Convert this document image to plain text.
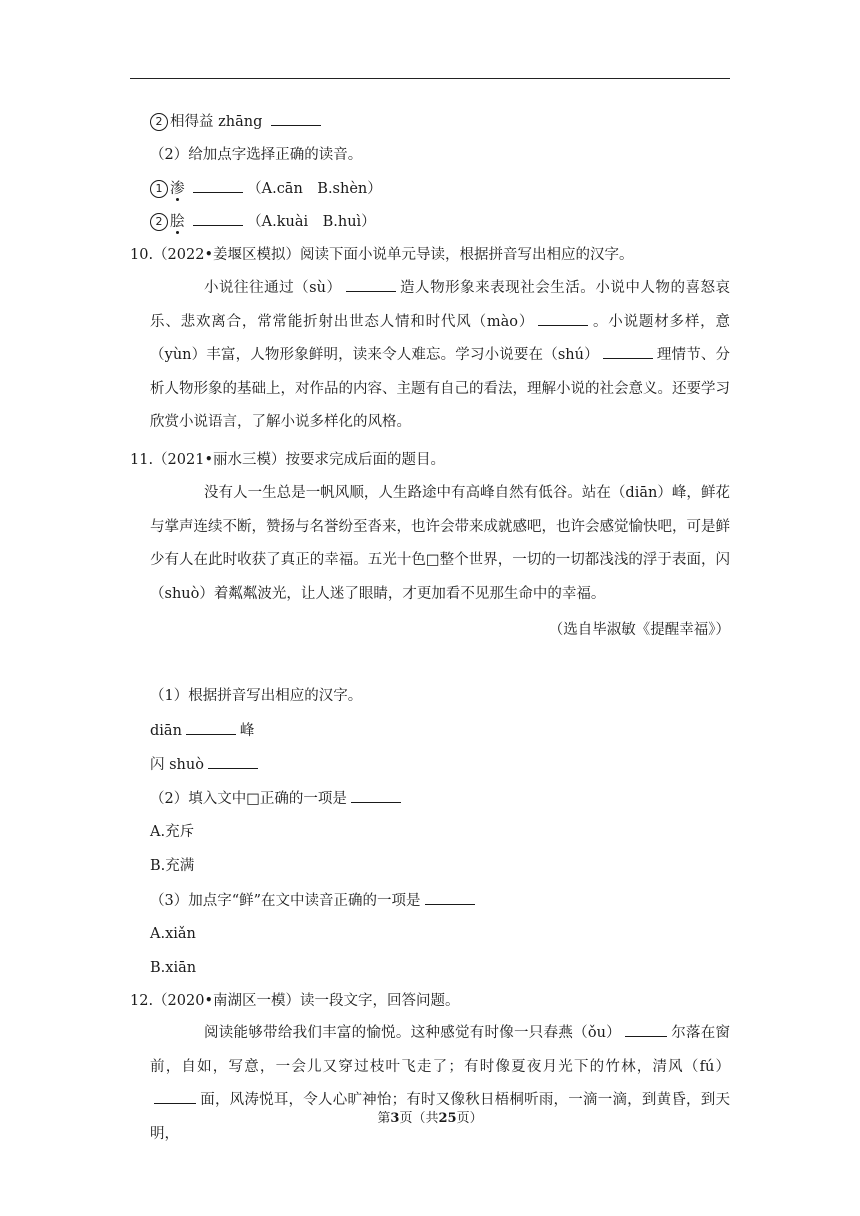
2 相得益 zhāng
（2）给加点字选择正确的读音。
1 渗	（A.cān　B.shèn）
2 脍	（A.kuài　B.huì）
10.（2022•姜堰区模拟）阅读下面小说单元导读，根据拼音写出相应的汉字。
小说往往通过（sù）	造人物形象来表现社会生活。小说中人物的喜怒哀乐、悲欢离合，常常能折射出世态人情和时代风（mào）	。小说题材多样，意（yùn）丰富，人物形象鲜明，读来令人难忘。学习小说要在（shú）	理情节、分析人物形象的基础上，对作品的内容、主题有自己的看法，理解小说的社会意义。还要学习欣赏小说语言，了解小说多样化的风格。
11.（2021•丽水三模）按要求完成后面的题目。
没有人一生总是一帆风顺，人生路途中有高峰自然有低谷。站在（diān）峰，鲜花与掌声连续不断，赞扬与名誉纷至沓来，也许会带来成就感吧，也许会感觉愉快吧，可是鲜少有人在此时收获了真正的幸福。五光十色□整个世界，一切的一切都浅浅的浮于表面，闪（shuò）着粼粼波光，让人迷了眼睛，才更加看不见那生命中的幸福。
（选自毕淑敏《提醒幸福》）
（1）根据拼音写出相应的汉字。
diān	峰
闪 shuò
（2）填入文中□正确的一项是
A.充斥
B.充满
（3）加点字“鲜”在文中读音正确的一项是
A.xiǎn
B.xiān
12.（2020•南湖区一模）读一段文字，回答问题。
阅读能够带给我们丰富的愉悦。这种感觉有时像一只春燕（ǒu）	尔落在窗前，自如，写意，一会儿又穿过枝叶飞走了；有时像夏夜月光下的竹林，清风（fú）面，风涛悦耳，令人心旷神怡；有时又像秋日梧桐听雨，一滴一滴，到黄昏，到天明，
第3页（共25页）
